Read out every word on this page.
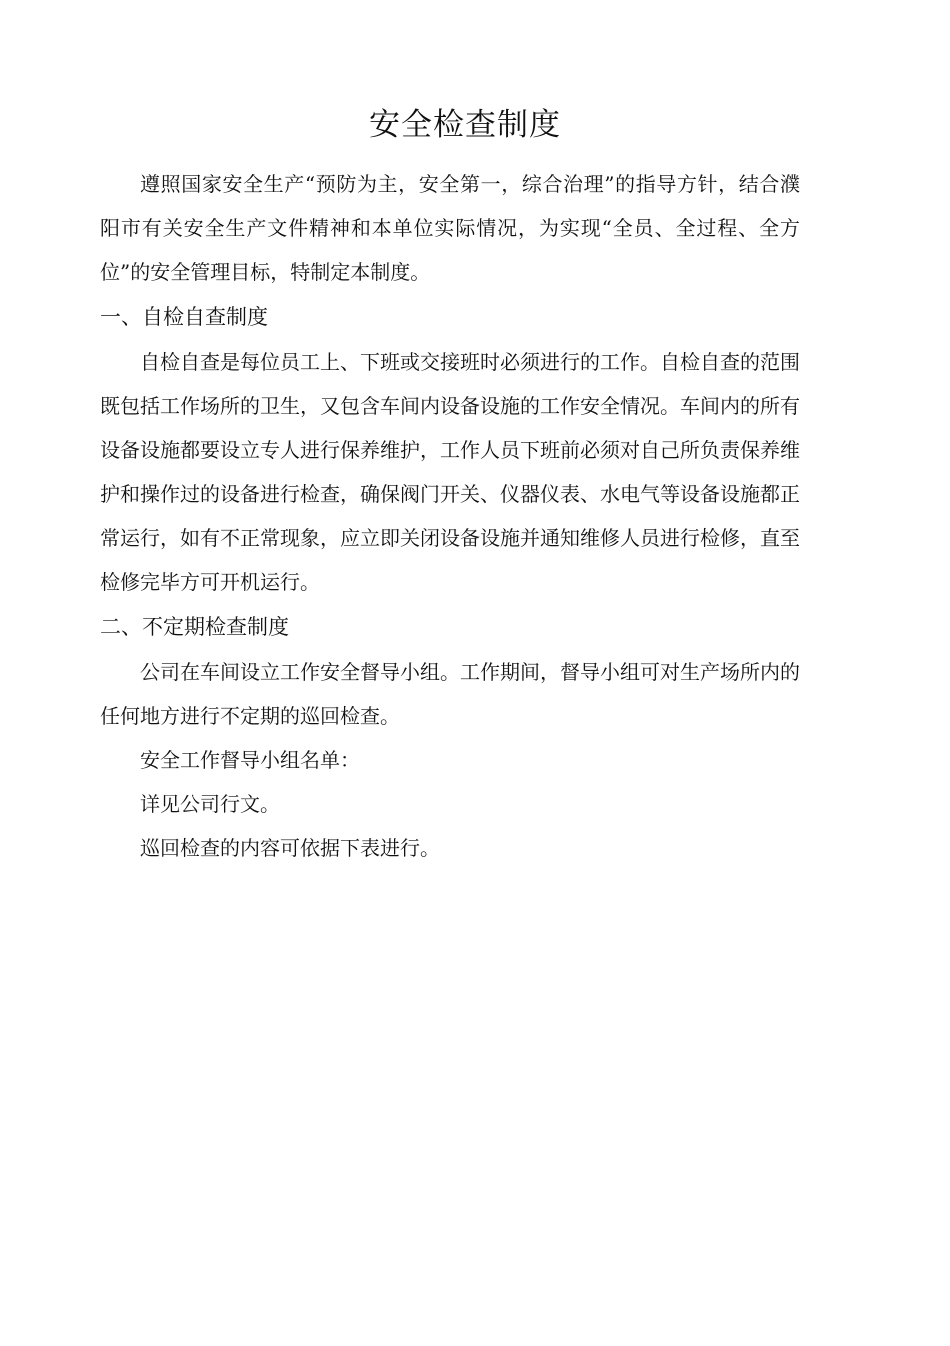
安全检查制度

遵照国家安全生产“预防为主，安全第一，综合治理”的指导方针，结合濮阳市有关安全生产文件精神和本单位实际情况，为实现“全员、全过程、全方位”的安全管理目标，特制定本制度。

一、自检自查制度

自检自查是每位员工上、下班或交接班时必须进行的工作。自检自查的范围既包括工作场所的卫生，又包含车间内设备设施的工作安全情况。车间内的所有设备设施都要设立专人进行保养维护，工作人员下班前必须对自己所负责保养维护和操作过的设备进行检查，确保阀门开关、仪器仪表、水电气等设备设施都正常运行，如有不正常现象，应立即关闭设备设施并通知维修人员进行检修，直至检修完毕方可开机运行。

二、不定期检查制度

公司在车间设立工作安全督导小组。工作期间，督导小组可对生产场所内的任何地方进行不定期的巡回检查。

安全工作督导小组名单：

详见公司行文。

巡回检查的内容可依据下表进行。
